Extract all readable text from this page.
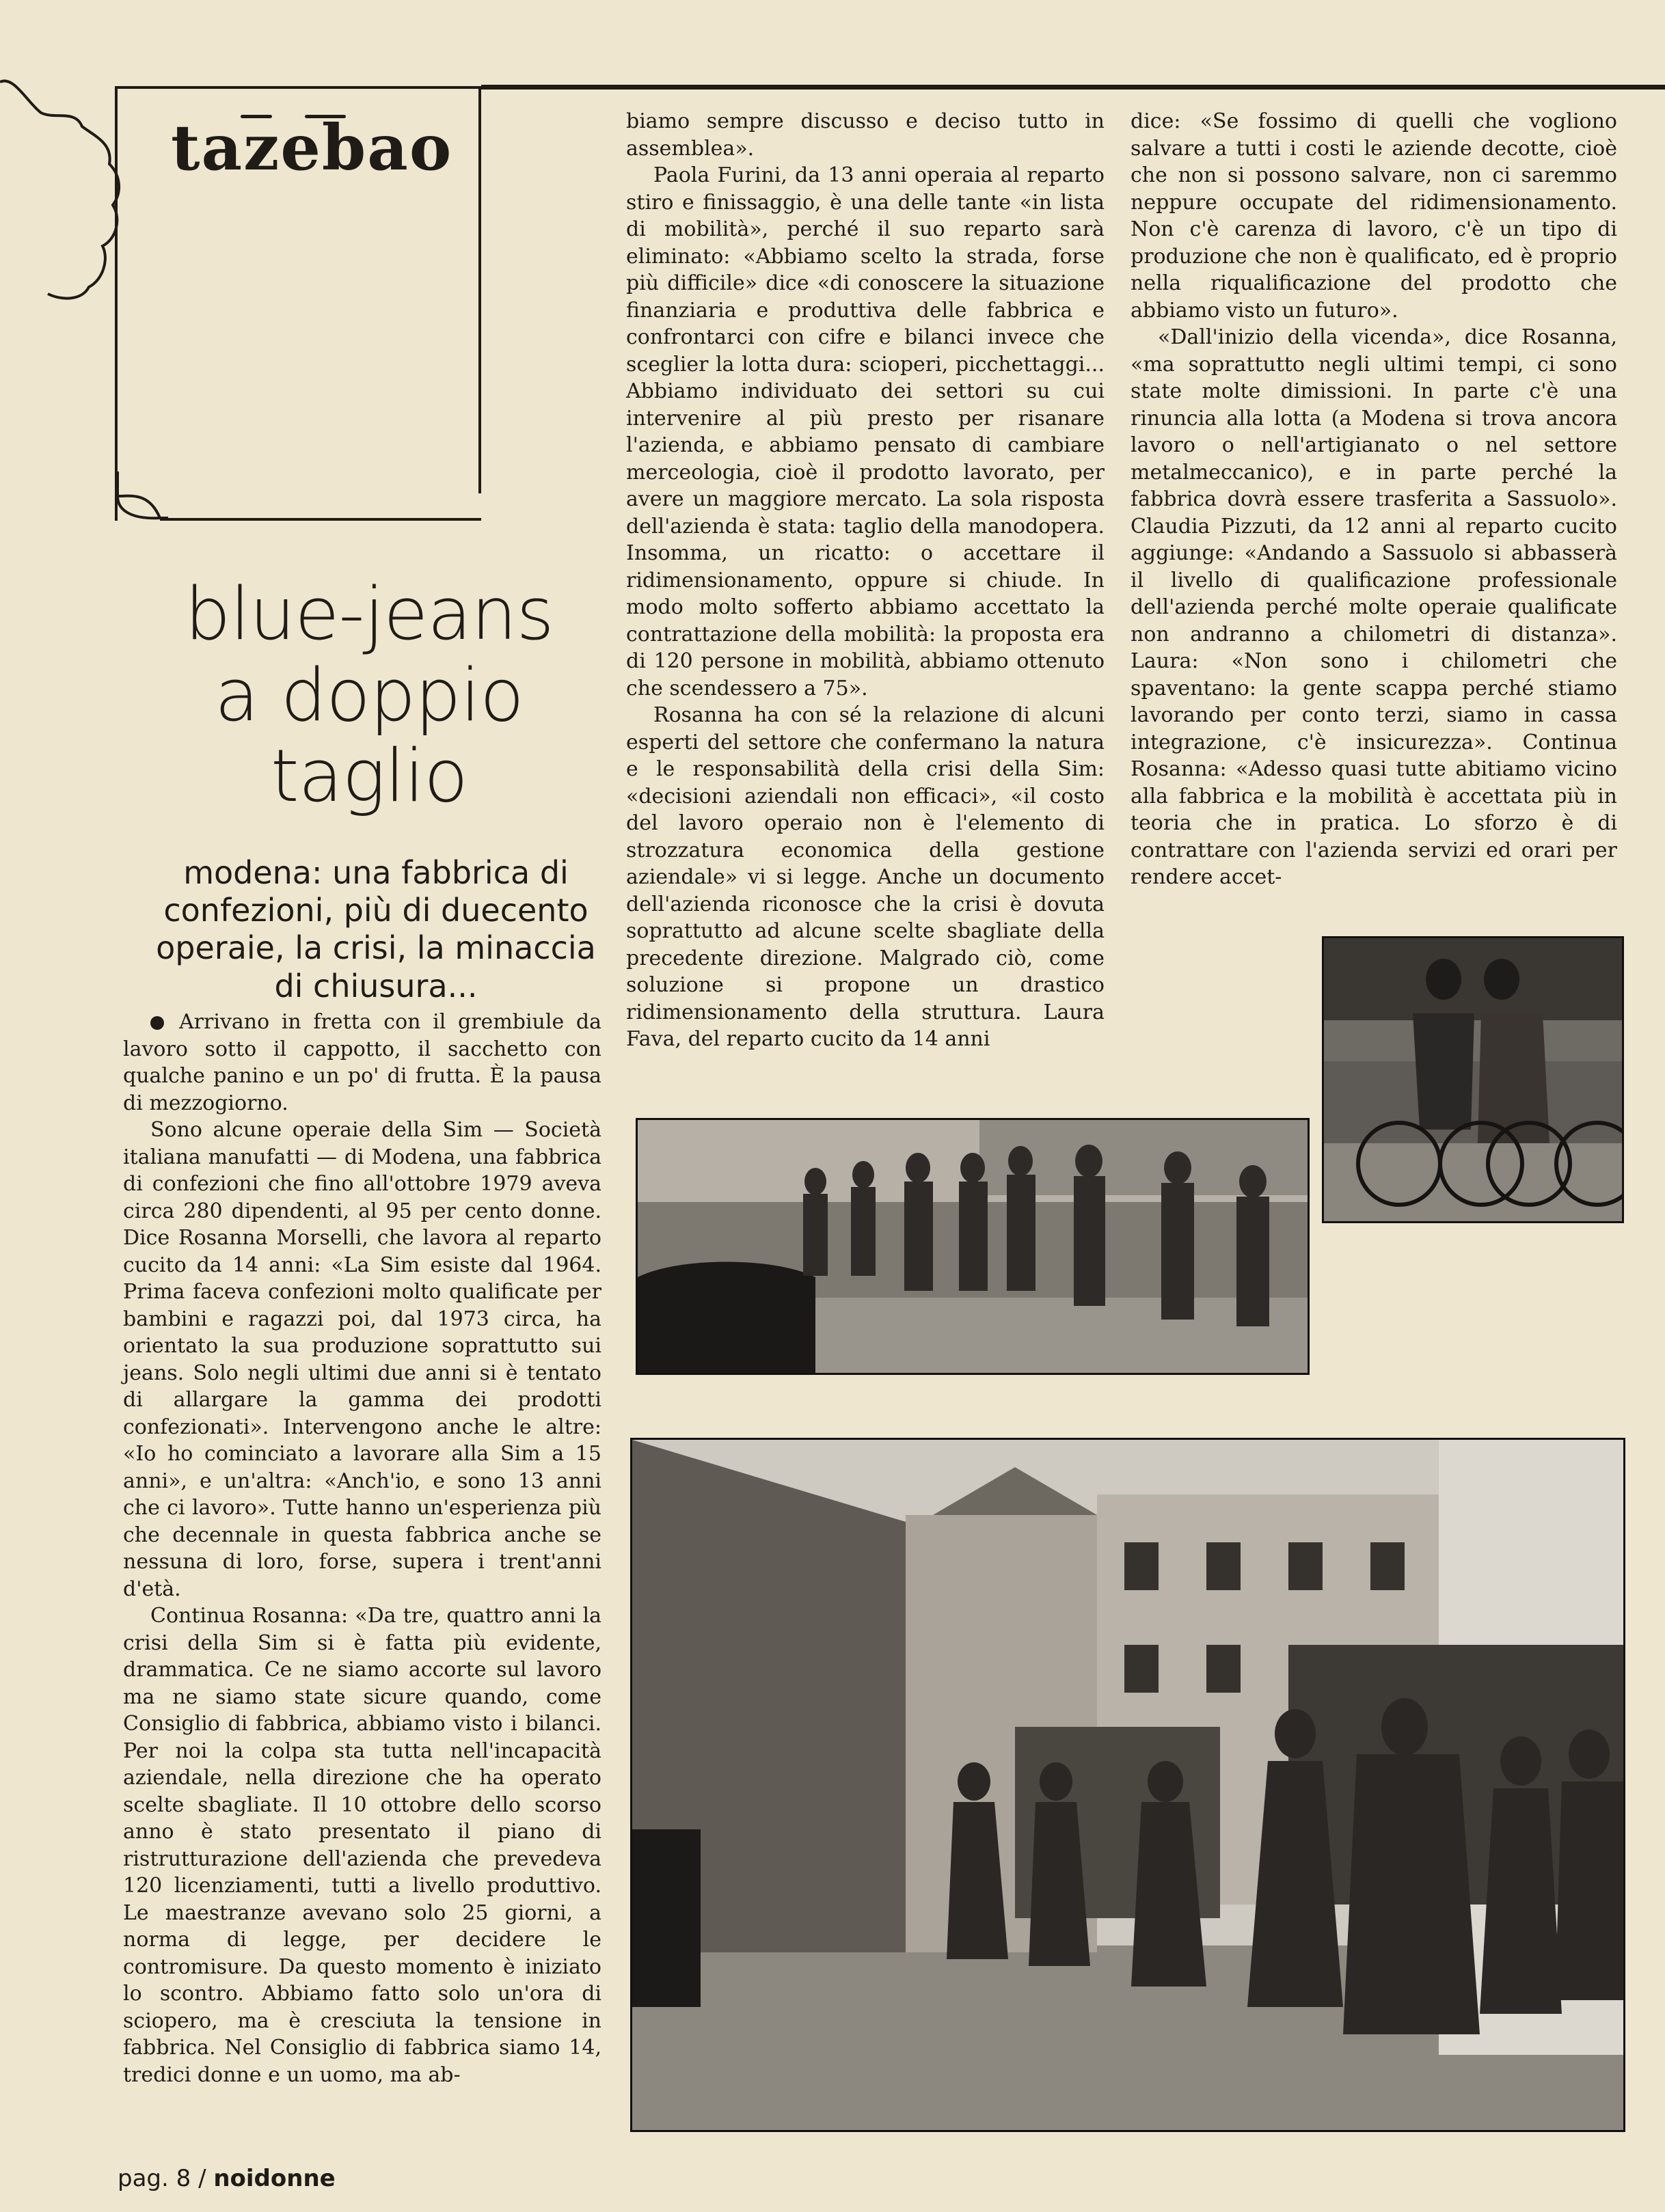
tazebao
blue-jeans
a doppio
taglio
modena: una fabbrica di confezioni, più di duecento operaie, la crisi, la minaccia di chiusura...

Arrivano in fretta con il grembiule da lavoro sotto il cappotto, il sacchetto con qualche panino e un po' di frutta. È la pausa di mezzogiorno.

Sono alcune operaie della Sim — Società italiana manufatti — di Modena, una fabbrica di confezioni che fino all'ottobre 1979 aveva circa 280 dipendenti, al 95 per cento donne. Dice Rosanna Morselli, che lavora al reparto cucito da 14 anni: «La Sim esiste dal 1964. Prima faceva confezioni molto qualificate per bambini e ragazzi poi, dal 1973 circa, ha orientato la sua produzione soprattutto sui jeans. Solo negli ultimi due anni si è tentato di allargare la gamma dei prodotti confezionati». Intervengono anche le altre: «Io ho cominciato a lavorare alla Sim a 15 anni», e un'altra: «Anch'io, e sono 13 anni che ci lavoro». Tutte hanno un'esperienza più che decennale in questa fabbrica anche se nessuna di loro, forse, supera i trent'anni d'età.

Continua Rosanna: «Da tre, quattro anni la crisi della Sim si è fatta più evidente, drammatica. Ce ne siamo accorte sul lavoro ma ne siamo state sicure quando, come Consiglio di fabbrica, abbiamo visto i bilanci. Per noi la colpa sta tutta nell'incapacità aziendale, nella direzione che ha operato scelte sbagliate. Il 10 ottobre dello scorso anno è stato presentato il piano di ristrutturazione dell'azienda che prevedeva 120 licenziamenti, tutti a livello produttivo. Le maestranze avevano solo 25 giorni, a norma di legge, per decidere le contromisure. Da questo momento è iniziato lo scontro. Abbiamo fatto solo un'ora di sciopero, ma è cresciuta la tensione in fabbrica. Nel Consiglio di fabbrica siamo 14, tredici donne e un uomo, ma ab-

biamo sempre discusso e deciso tutto in assemblea».

Paola Furini, da 13 anni operaia al reparto stiro e finissaggio, è una delle tante «in lista di mobilità», perché il suo reparto sarà eliminato: «Abbiamo scelto la strada, forse più difficile» dice «di conoscere la situazione finanziaria e produttiva delle fabbrica e confrontarci con cifre e bilanci invece che sceglier la lotta dura: scioperi, picchettaggi... Abbiamo individuato dei settori su cui intervenire al più presto per risanare l'azienda, e abbiamo pensato di cambiare merceologia, cioè il prodotto lavorato, per avere un maggiore mercato. La sola risposta dell'azienda è stata: taglio della manodopera. Insomma, un ricatto: o accettare il ridimensionamento, oppure si chiude. In modo molto sofferto abbiamo accettato la contrattazione della mobilità: la proposta era di 120 persone in mobilità, abbiamo ottenuto che scendessero a 75».

Rosanna ha con sé la relazione di alcuni esperti del settore che confermano la natura e le responsabilità della crisi della Sim: «decisioni aziendali non efficaci», «il costo del lavoro operaio non è l'elemento di strozzatura economica della gestione aziendale» vi si legge. Anche un documento dell'azienda riconosce che la crisi è dovuta soprattutto ad alcune scelte sbagliate della precedente direzione. Malgrado ciò, come soluzione si propone un drastico ridimensionamento della struttura. Laura Fava, del reparto cucito da 14 anni

dice: «Se fossimo di quelli che vogliono salvare a tutti i costi le aziende decotte, cioè che non si possono salvare, non ci saremmo neppure occupate del ridimensionamento. Non c'è carenza di lavoro, c'è un tipo di produzione che non è qualificato, ed è proprio nella riqualificazione del prodotto che abbiamo visto un futuro».

«Dall'inizio della vicenda», dice Rosanna, «ma soprattutto negli ultimi tempi, ci sono state molte dimissioni. In parte c'è una rinuncia alla lotta (a Modena si trova ancora lavoro o nell'artigianato o nel settore metalmeccanico), e in parte perché la fabbrica dovrà essere trasferita a Sassuolo». Claudia Pizzuti, da 12 anni al reparto cucito aggiunge: «Andando a Sassuolo si abbasserà il livello di qualificazione professionale dell'azienda perché molte operaie qualificate non andranno a chilometri di distanza». Laura: «Non sono i chilometri che spaventano: la gente scappa perché stiamo lavorando per conto terzi, siamo in cassa integrazione, c'è insicurezza». Continua Rosanna: «Adesso quasi tutte abitiamo vicino alla fabbrica e la mobilità è accettata più in teoria che in pratica. Lo sforzo è di contrattare con l'azienda servizi ed orari per rendere accet-

pag. 8 / noidonne
